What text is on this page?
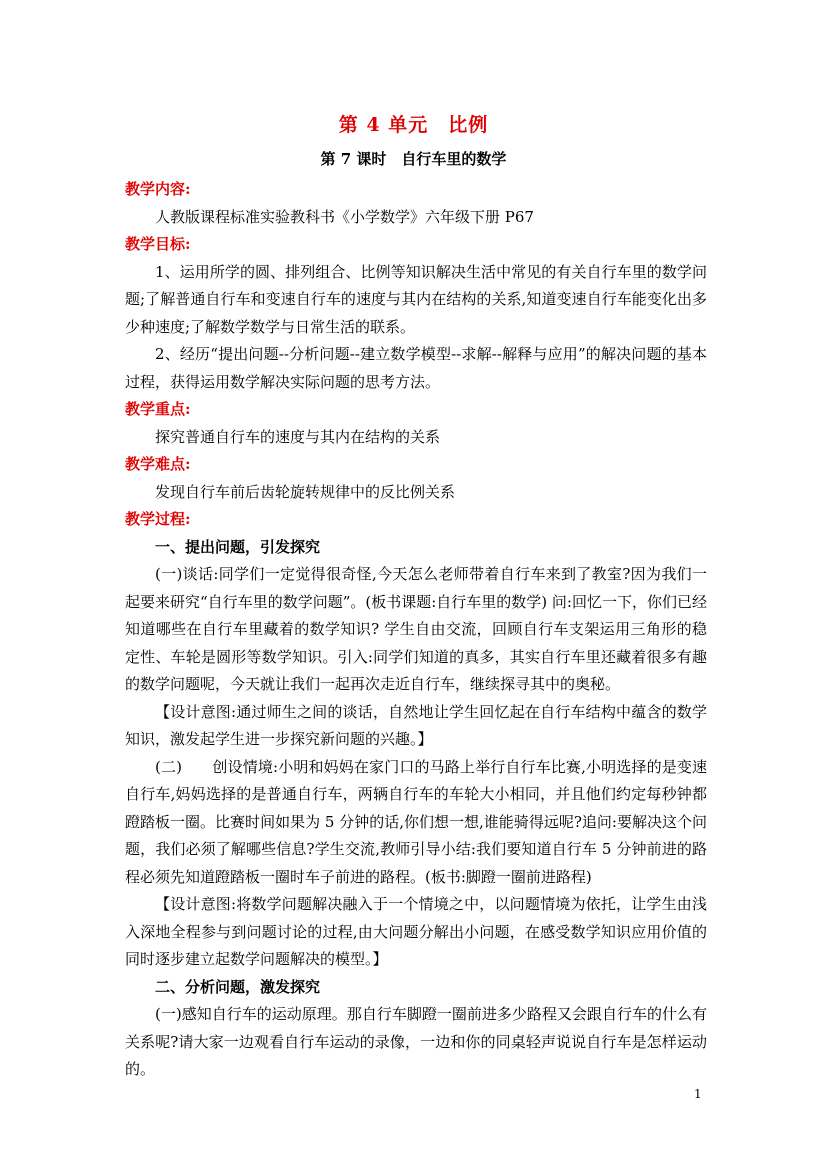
第 4 单元　比例
第 7 课时　自行车里的数学

教学内容:

人教版课程标准实验教科书《小学数学》六年级下册 P67

教学目标:

1、运用所学的圆、排列组合、比例等知识解决生活中常见的有关自行车里的数学问题;了解普通自行车和变速自行车的速度与其内在结构的关系,知道变速自行车能变化出多少种速度;了解数学数学与日常生活的联系。

2、经历“提出问题--分析问题--建立数学模型--求解--解释与应用”的解决问题的基本过程，获得运用数学解决实际问题的思考方法。

教学重点:

探究普通自行车的速度与其内在结构的关系

教学难点:

发现自行车前后齿轮旋转规律中的反比例关系

教学过程:

一、提出问题，引发探究

(一)谈话:同学们一定觉得很奇怪,今天怎么老师带着自行车来到了教室?因为我们一起要来研究“自行车里的数学问题”。(板书课题:自行车里的数学) 问:回忆一下，你们已经知道哪些在自行车里藏着的数学知识? 学生自由交流，回顾自行车支架运用三角形的稳定性、车轮是圆形等数学知识。引入:同学们知道的真多，其实自行车里还藏着很多有趣的数学问题呢，今天就让我们一起再次走近自行车，继续探寻其中的奥秘。

【设计意图:通过师生之间的谈话，自然地让学生回忆起在自行车结构中蕴含的数学知识，激发起学生进一步探究新问题的兴趣。】

(二)　　创设情境:小明和妈妈在家门口的马路上举行自行车比赛,小明选择的是变速自行车,妈妈选择的是普通自行车，两辆自行车的车轮大小相同，并且他们约定每秒钟都蹬踏板一圈。比赛时间如果为 5 分钟的话,你们想一想,谁能骑得远呢?追问:要解决这个问题，我们必须了解哪些信息?学生交流,教师引导小结:我们要知道自行车 5 分钟前进的路程必须先知道蹬踏板一圈时车子前进的路程。(板书:脚蹬一圈前进路程)

【设计意图:将数学问题解决融入于一个情境之中，以问题情境为依托，让学生由浅入深地全程参与到问题讨论的过程,由大问题分解出小问题，在感受数学知识应用价值的同时逐步建立起数学问题解决的模型。】

二、分析问题，激发探究

(一)感知自行车的运动原理。那自行车脚蹬一圈前进多少路程又会跟自行车的什么有关系呢?请大家一边观看自行车运动的录像，一边和你的同桌轻声说说自行车是怎样运动的。

1
